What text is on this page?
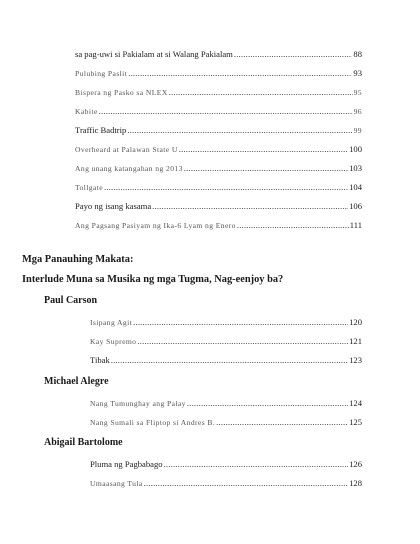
sa pag-uwi si Pakialam at si Walang Pakialam .....	88
Pulubing Paslit .....	93
Bispera ng Pasko sa NLEX .....	95
Kabite .....	96
Traffic Badtrip .....	99
Overheard at Palawan State U .....	100
Ang unang katangahan ng 2013 .....	103
Tollgate .....	104
Payo ng isang kasama .....	106
Ang Pagsang Pasiyam ng Ika-6 Lyam ng Enero .....	111
Mga Panauhing Makata:
Interlude Muna sa Musika ng mga Tugma, Nag-eenjoy ba?
Paul Carson
Isipang Agit .....	120
Kay Supremo .....	121
Tibak .....	123
Michael Alegre
Nang Tumunghay ang Palay .....	124
Nang Sumali sa Fliptop si Andres B. .....	125
Abigail Bartolome
Pluma ng Pagbabago .....	126
Umaasang Tula .....	128
